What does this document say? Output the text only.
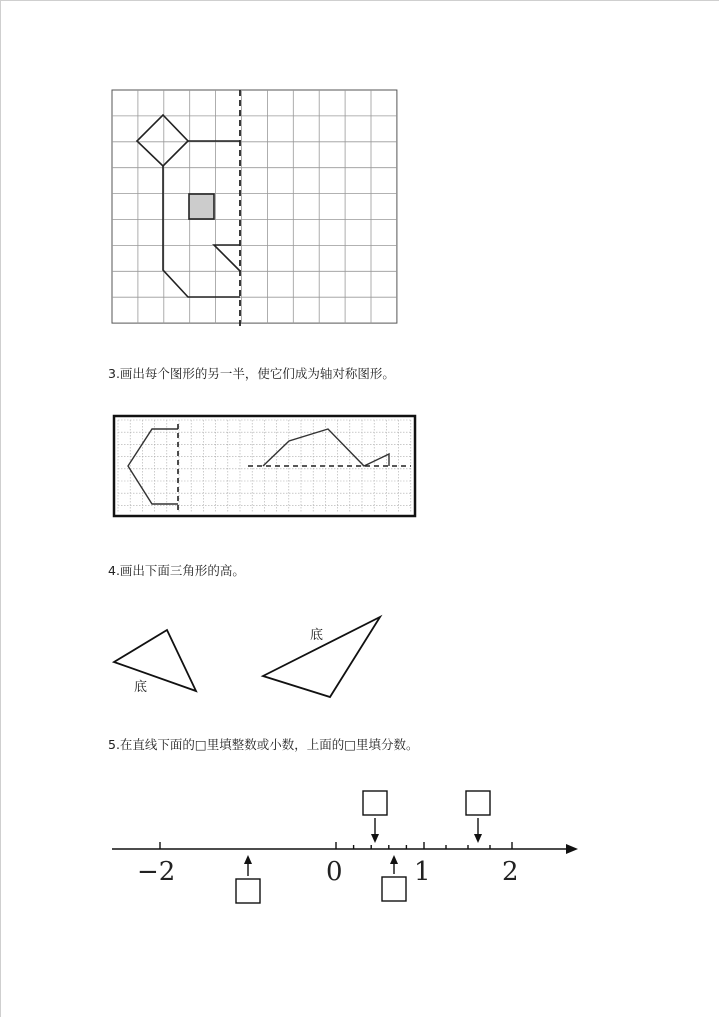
3.画出每个图形的另一半，使它们成为轴对称图形。
4.画出下面三角形的高。
底
底
5.在直线下面的□里填整数或小数，上面的□里填分数。
−2	0	1	2
